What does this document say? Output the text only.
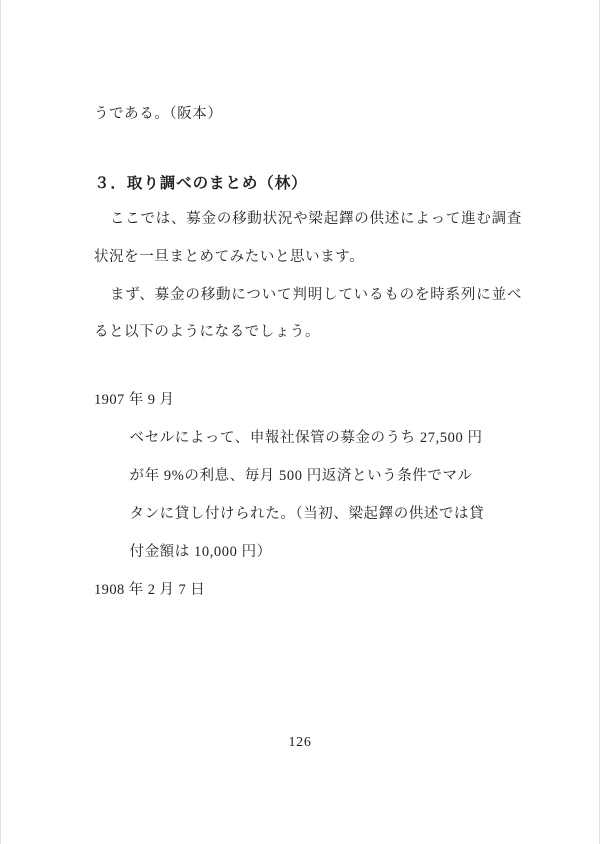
うである。（阪本）

３．取り調べのまとめ（林）

ここでは、募金の移動状況や梁起鐸の供述によって進む調査状況を一旦まとめてみたいと思います。

まず、募金の移動について判明しているものを時系列に並べると以下のようになるでしょう。

1907 年 9 月

ベセルによって、申報社保管の募金のうち 27,500 円

が年 9%の利息、毎月 500 円返済という条件でマル

タンに貸し付けられた。（当初、梁起鐸の供述では貸

付金額は 10,000 円）

1908 年 2 月 7 日

126
